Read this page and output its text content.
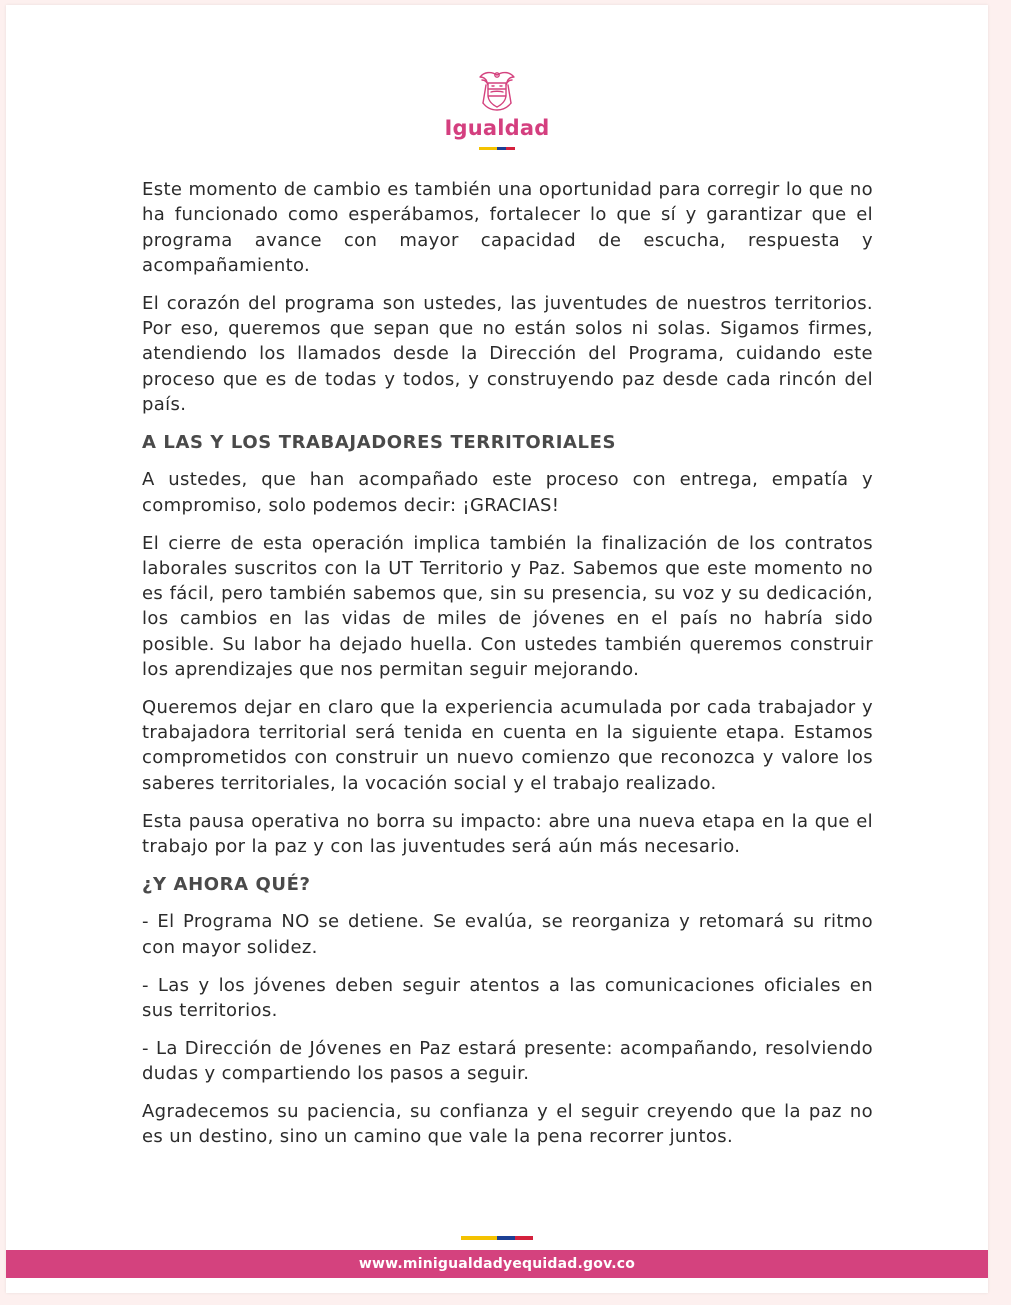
Igualdad

Este momento de cambio es también una oportunidad para corregir lo que no ha funcionado como esperábamos, fortalecer lo que sí y garantizar que el programa avance con mayor capacidad de escucha, respuesta y acompañamiento.

El corazón del programa son ustedes, las juventudes de nuestros territorios. Por eso, queremos que sepan que no están solos ni solas. Sigamos firmes, atendiendo los llamados desde la Dirección del Programa, cuidando este proceso que es de todas y todos, y construyendo paz desde cada rincón del país.

A LAS Y LOS TRABAJADORES TERRITORIALES

A ustedes, que han acompañado este proceso con entrega, empatía y compromiso, solo podemos decir: ¡GRACIAS!

El cierre de esta operación implica también la finalización de los contratos laborales suscritos con la UT Territorio y Paz. Sabemos que este momento no es fácil, pero también sabemos que, sin su presencia, su voz y su dedicación, los cambios en las vidas de miles de jóvenes en el país no habría sido posible. Su labor ha dejado huella. Con ustedes también queremos construir los aprendizajes que nos permitan seguir mejorando.

Queremos dejar en claro que la experiencia acumulada por cada trabajador y trabajadora territorial será tenida en cuenta en la siguiente etapa. Estamos comprometidos con construir un nuevo comienzo que reconozca y valore los saberes territoriales, la vocación social y el trabajo realizado.

Esta pausa operativa no borra su impacto: abre una nueva etapa en la que el trabajo por la paz y con las juventudes será aún más necesario.

¿Y AHORA QUÉ?

- El Programa NO se detiene. Se evalúa, se reorganiza y retomará su ritmo con mayor solidez.

- Las y los jóvenes deben seguir atentos a las comunicaciones oficiales en sus territorios.

- La Dirección de Jóvenes en Paz estará presente: acompañando, resolviendo dudas y compartiendo los pasos a seguir.

Agradecemos su paciencia, su confianza y el seguir creyendo que la paz no es un destino, sino un camino que vale la pena recorrer juntos.

www.minigualdadyequidad.gov.co
